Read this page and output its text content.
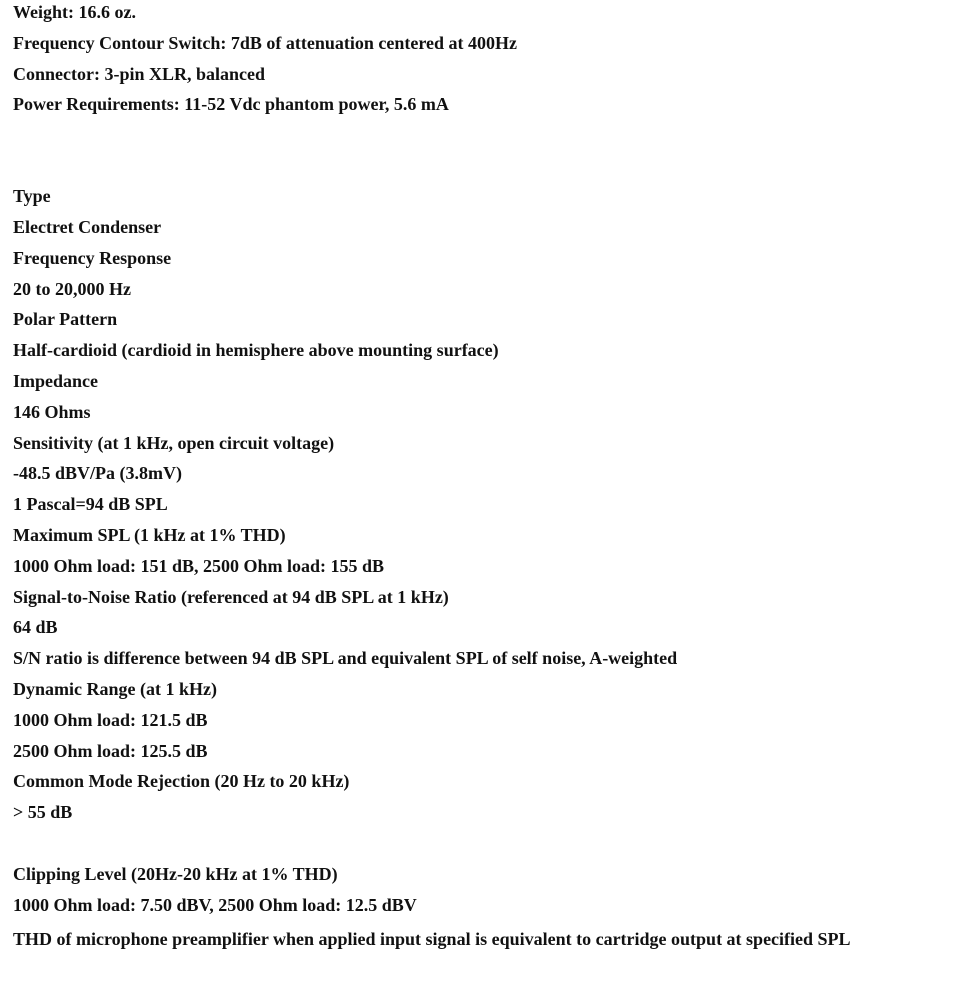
Weight: 16.6 oz.
Frequency Contour Switch: 7dB of attenuation centered at 400Hz
Connector: 3-pin XLR, balanced
Power Requirements: 11-52 Vdc phantom power, 5.6 mA
Type
Electret Condenser
Frequency Response
20 to 20,000 Hz
Polar Pattern
Half-cardioid (cardioid in hemisphere above mounting surface)
Impedance
146 Ohms
Sensitivity (at 1 kHz, open circuit voltage)
-48.5 dBV/Pa (3.8mV)
1 Pascal=94 dB SPL
Maximum SPL (1 kHz at 1% THD)
1000 Ohm load: 151 dB, 2500 Ohm load: 155 dB
Signal-to-Noise Ratio (referenced at 94 dB SPL at 1 kHz)
64 dB
S/N ratio is difference between 94 dB SPL and equivalent SPL of self noise, A-weighted
Dynamic Range (at 1 kHz)
1000 Ohm load: 121.5 dB
2500 Ohm load: 125.5 dB
Common Mode Rejection (20 Hz to 20 kHz)
> 55 dB
Clipping Level (20Hz-20 kHz at 1% THD)
1000 Ohm load: 7.50 dBV, 2500 Ohm load: 12.5 dBV
THD of microphone preamplifier when applied input signal is equivalent to cartridge output at specified SPL
